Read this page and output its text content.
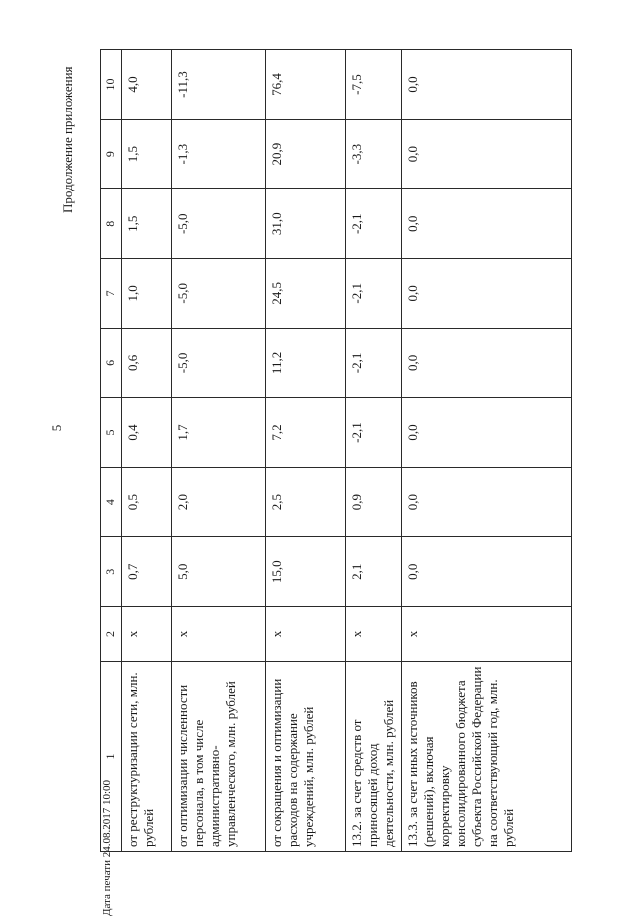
5
Продолжение приложения
Дата печати 24.08.2017 10:00
1	2	3	4	5	6	7	8	9	10
от реструктуризации сети, млн. рублей	x	0,7	0,5	0,4	0,6	1,0	1,5	1,5	4,0
от оптимизации численности персонала, в том числе административно-управленческого, млн. рублей	x	5,0	2,0	1,7	-5,0	-5,0	-5,0	-1,3	-11,3
от сокращения и оптимизации расходов на содержание учреждений, млн. рублей	x	15,0	2,5	7,2	11,2	24,5	31,0	20,9	76,4
13.2. за счет средств от приносящей доход деятельности, млн. рублей	x	2,1	0,9	-2,1	-2,1	-2,1	-2,1	-3,3	-7,5
13.3. за счет иных источников (решений), включая корректировку консолидированного бюджета субъекта Российской Федерации на соответствующий год, млн. рублей	x	0,0	0,0	0,0	0,0	0,0	0,0	0,0	0,0
